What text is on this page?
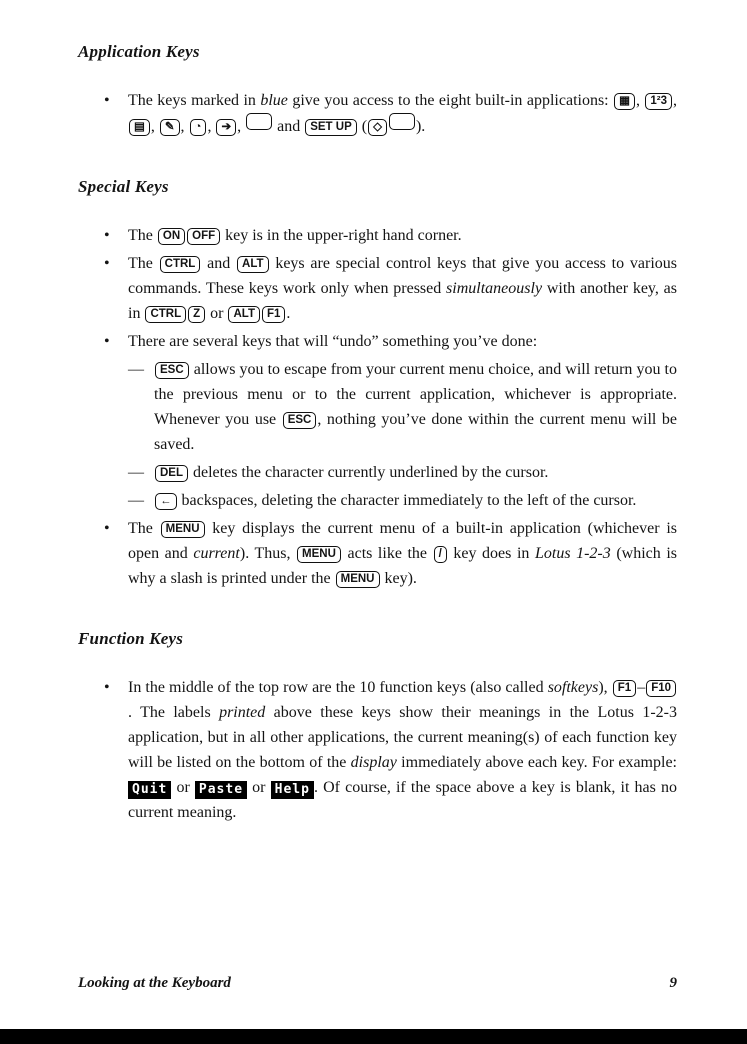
Application Keys
•	The keys marked in blue give you access to the eight built-in applications: ▦ , 1²3 , ▤ , ✎ , ◔ , ➔ ,  and SET UP ( ◇ ).
Special Keys
•	The ON OFF key is in the upper-right hand corner.
•	The CTRL and ALT keys are special control keys that give you access to various commands. These keys work only when pressed simultaneously with another key, as in CTRL Z or ALT F1 .
•	There are several keys that will “undo” something you’ve done:
—	ESC allows you to escape from your current menu choice, and will return you to the previous menu or to the current application, whichever is appropriate. Whenever you use ESC , nothing you’ve done within the current menu will be saved.
—	DEL deletes the character currently underlined by the cursor.
—	← backspaces, deleting the character immediately to the left of the cursor.
•	The MENU key displays the current menu of a built-in application (whichever is open and current). Thus, MENU acts like the / key does in Lotus 1-2-3 (which is why a slash is printed under the MENU key).
Function Keys
•	In the middle of the top row are the 10 function keys (also called softkeys), F1 – F10. The labels printed above these keys show their meanings in the Lotus 1-2-3 application, but in all other applications, the current meaning(s) of each function key will be listed on the bottom of the display immediately above each key. For example: Quit or Paste or Help . Of course, if the space above a key is blank, it has no current meaning.
Looking at the Keyboard	9
